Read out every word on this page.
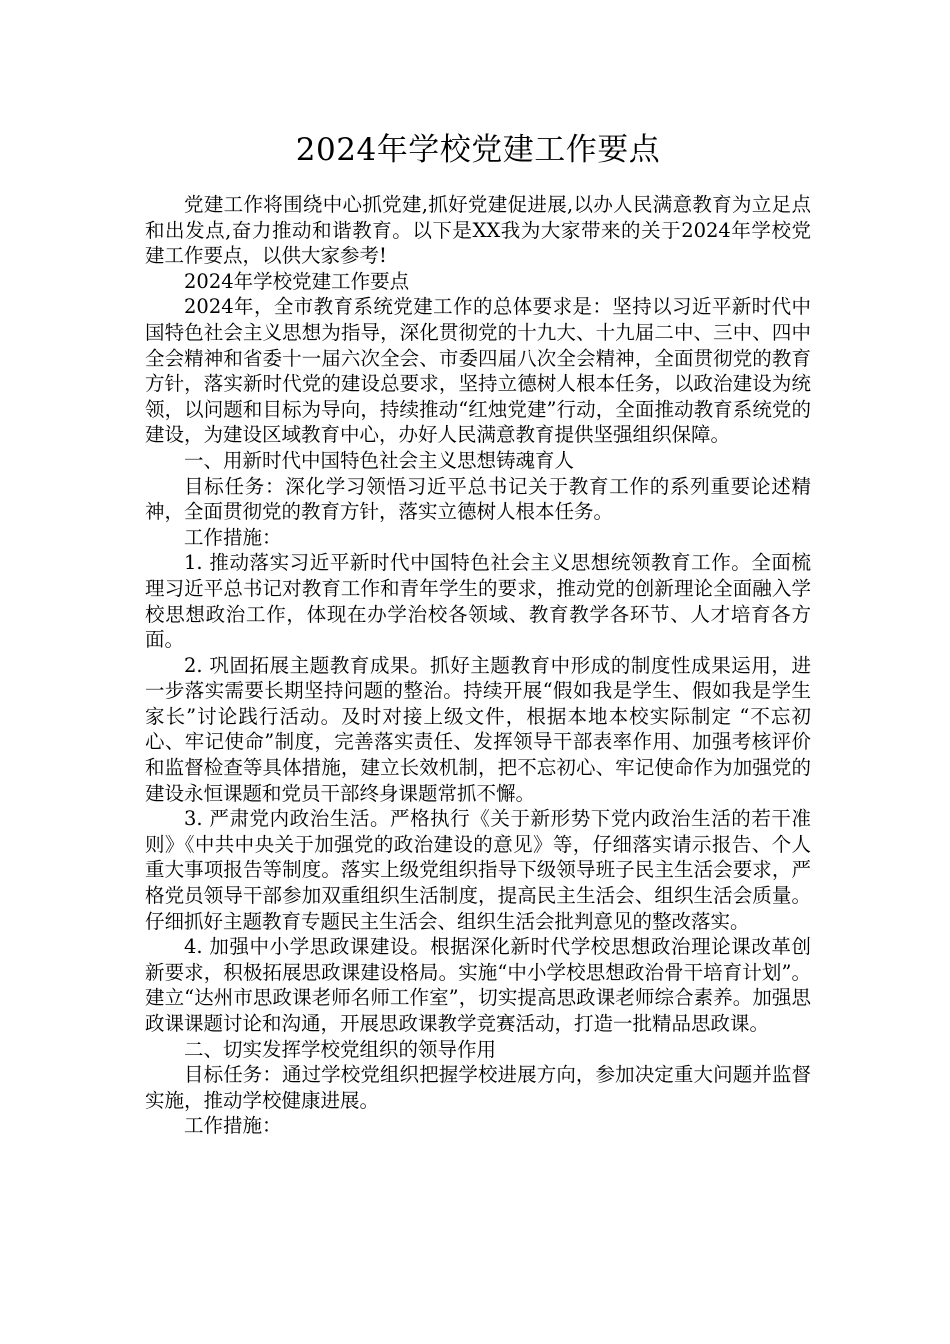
2024年学校党建工作要点

党建工作将围绕中心抓党建,抓好党建促进展,以办人民满意教育为立足点和出发点,奋力推动和谐教育。以下是XX我为大家带来的关于2024年学校党建工作要点，以供大家参考!

2024年学校党建工作要点

2024年，全市教育系统党建工作的总体要求是：坚持以习近平新时代中国特色社会主义思想为指导，深化贯彻党的十九大、十九届二中、三中、四中全会精神和省委十一届六次全会、市委四届八次全会精神，全面贯彻党的教育方针，落实新时代党的建设总要求，坚持立德树人根本任务，以政治建设为统领，以问题和目标为导向，持续推动“红烛党建”行动，全面推动教育系统党的建设，为建设区域教育中心，办好人民满意教育提供坚强组织保障。

一、用新时代中国特色社会主义思想铸魂育人

目标任务：深化学习领悟习近平总书记关于教育工作的系列重要论述精神，全面贯彻党的教育方针，落实立德树人根本任务。

工作措施：

1. 推动落实习近平新时代中国特色社会主义思想统领教育工作。全面梳理习近平总书记对教育工作和青年学生的要求，推动党的创新理论全面融入学校思想政治工作，体现在办学治校各领域、教育教学各环节、人才培育各方面。

2. 巩固拓展主题教育成果。抓好主题教育中形成的制度性成果运用，进一步落实需要长期坚持问题的整治。持续开展“假如我是学生、假如我是学生家长”讨论践行活动。及时对接上级文件，根据本地本校实际制定 “不忘初心、牢记使命”制度，完善落实责任、发挥领导干部表率作用、加强考核评价和监督检查等具体措施，建立长效机制，把不忘初心、牢记使命作为加强党的建设永恒课题和党员干部终身课题常抓不懈。

3. 严肃党内政治生活。严格执行《关于新形势下党内政治生活的若干准则》《中共中央关于加强党的政治建设的意见》等，仔细落实请示报告、个人重大事项报告等制度。落实上级党组织指导下级领导班子民主生活会要求，严格党员领导干部参加双重组织生活制度，提高民主生活会、组织生活会质量。仔细抓好主题教育专题民主生活会、组织生活会批判意见的整改落实。

4. 加强中小学思政课建设。根据深化新时代学校思想政治理论课改革创新要求，积极拓展思政课建设格局。实施“中小学校思想政治骨干培育计划”。建立“达州市思政课老师名师工作室”，切实提高思政课老师综合素养。加强思政课课题讨论和沟通，开展思政课教学竞赛活动，打造一批精品思政课。

二、切实发挥学校党组织的领导作用

目标任务：通过学校党组织把握学校进展方向，参加决定重大问题并监督实施，推动学校健康进展。

工作措施：
